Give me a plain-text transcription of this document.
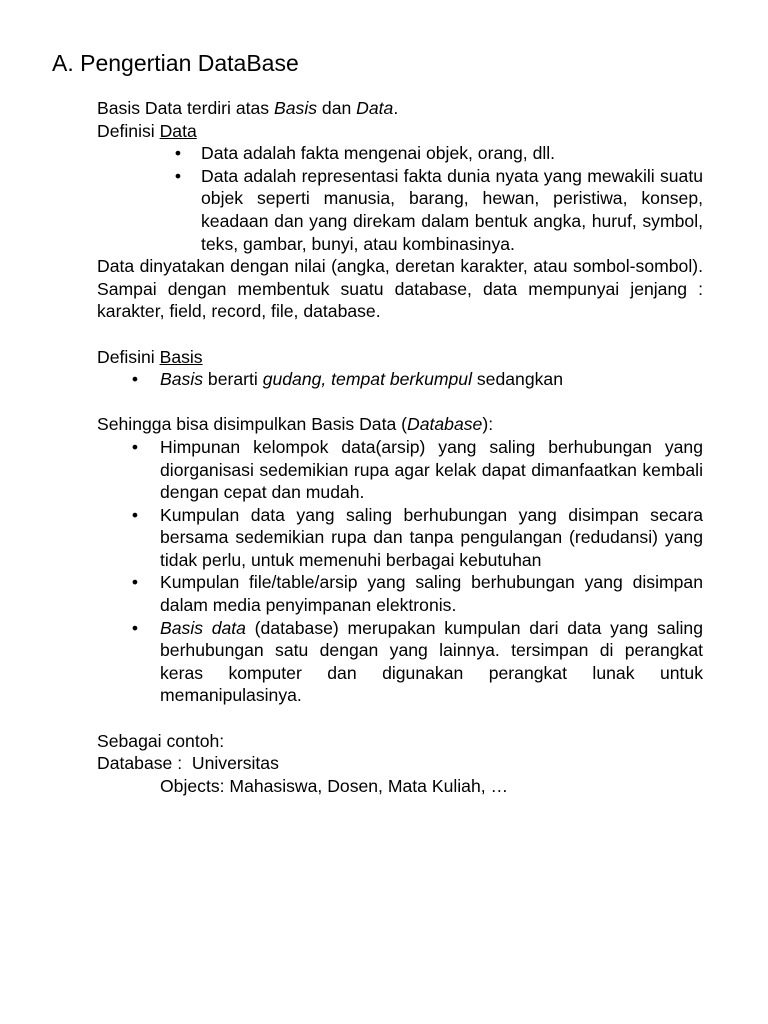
A. Pengertian DataBase

Basis Data terdiri atas Basis dan Data.

Definisi Data

•	Data adalah fakta mengenai objek, orang, dll.
•	Data adalah representasi fakta dunia nyata yang mewakili suatu objek seperti manusia, barang, hewan, peristiwa, konsep, keadaan dan yang direkam dalam bentuk angka, huruf, symbol, teks, gambar, bunyi, atau kombinasinya.

Data dinyatakan dengan nilai (angka, deretan karakter, atau sombol-sombol). Sampai dengan membentuk suatu database, data mempunyai jenjang : karakter, field, record, file, database.

Defisini Basis

•	Basis berarti gudang, tempat berkumpul sedangkan

Sehingga bisa disimpulkan Basis Data (Database):

•	Himpunan kelompok data(arsip) yang saling berhubungan yang diorganisasi sedemikian rupa agar kelak dapat dimanfaatkan kembali dengan cepat dan mudah.
•	Kumpulan data yang saling berhubungan yang disimpan secara bersama sedemikian rupa dan tanpa pengulangan (redudansi) yang tidak perlu, untuk memenuhi berbagai kebutuhan
•	Kumpulan file/table/arsip yang saling berhubungan yang disimpan dalam media penyimpanan elektronis.
•	Basis data (database) merupakan kumpulan dari data yang saling berhubungan satu dengan yang lainnya. tersimpan di perangkat keras komputer dan digunakan perangkat lunak untuk memanipulasinya.

Sebagai contoh:

Database :  Universitas

Objects: Mahasiswa, Dosen, Mata Kuliah, …
